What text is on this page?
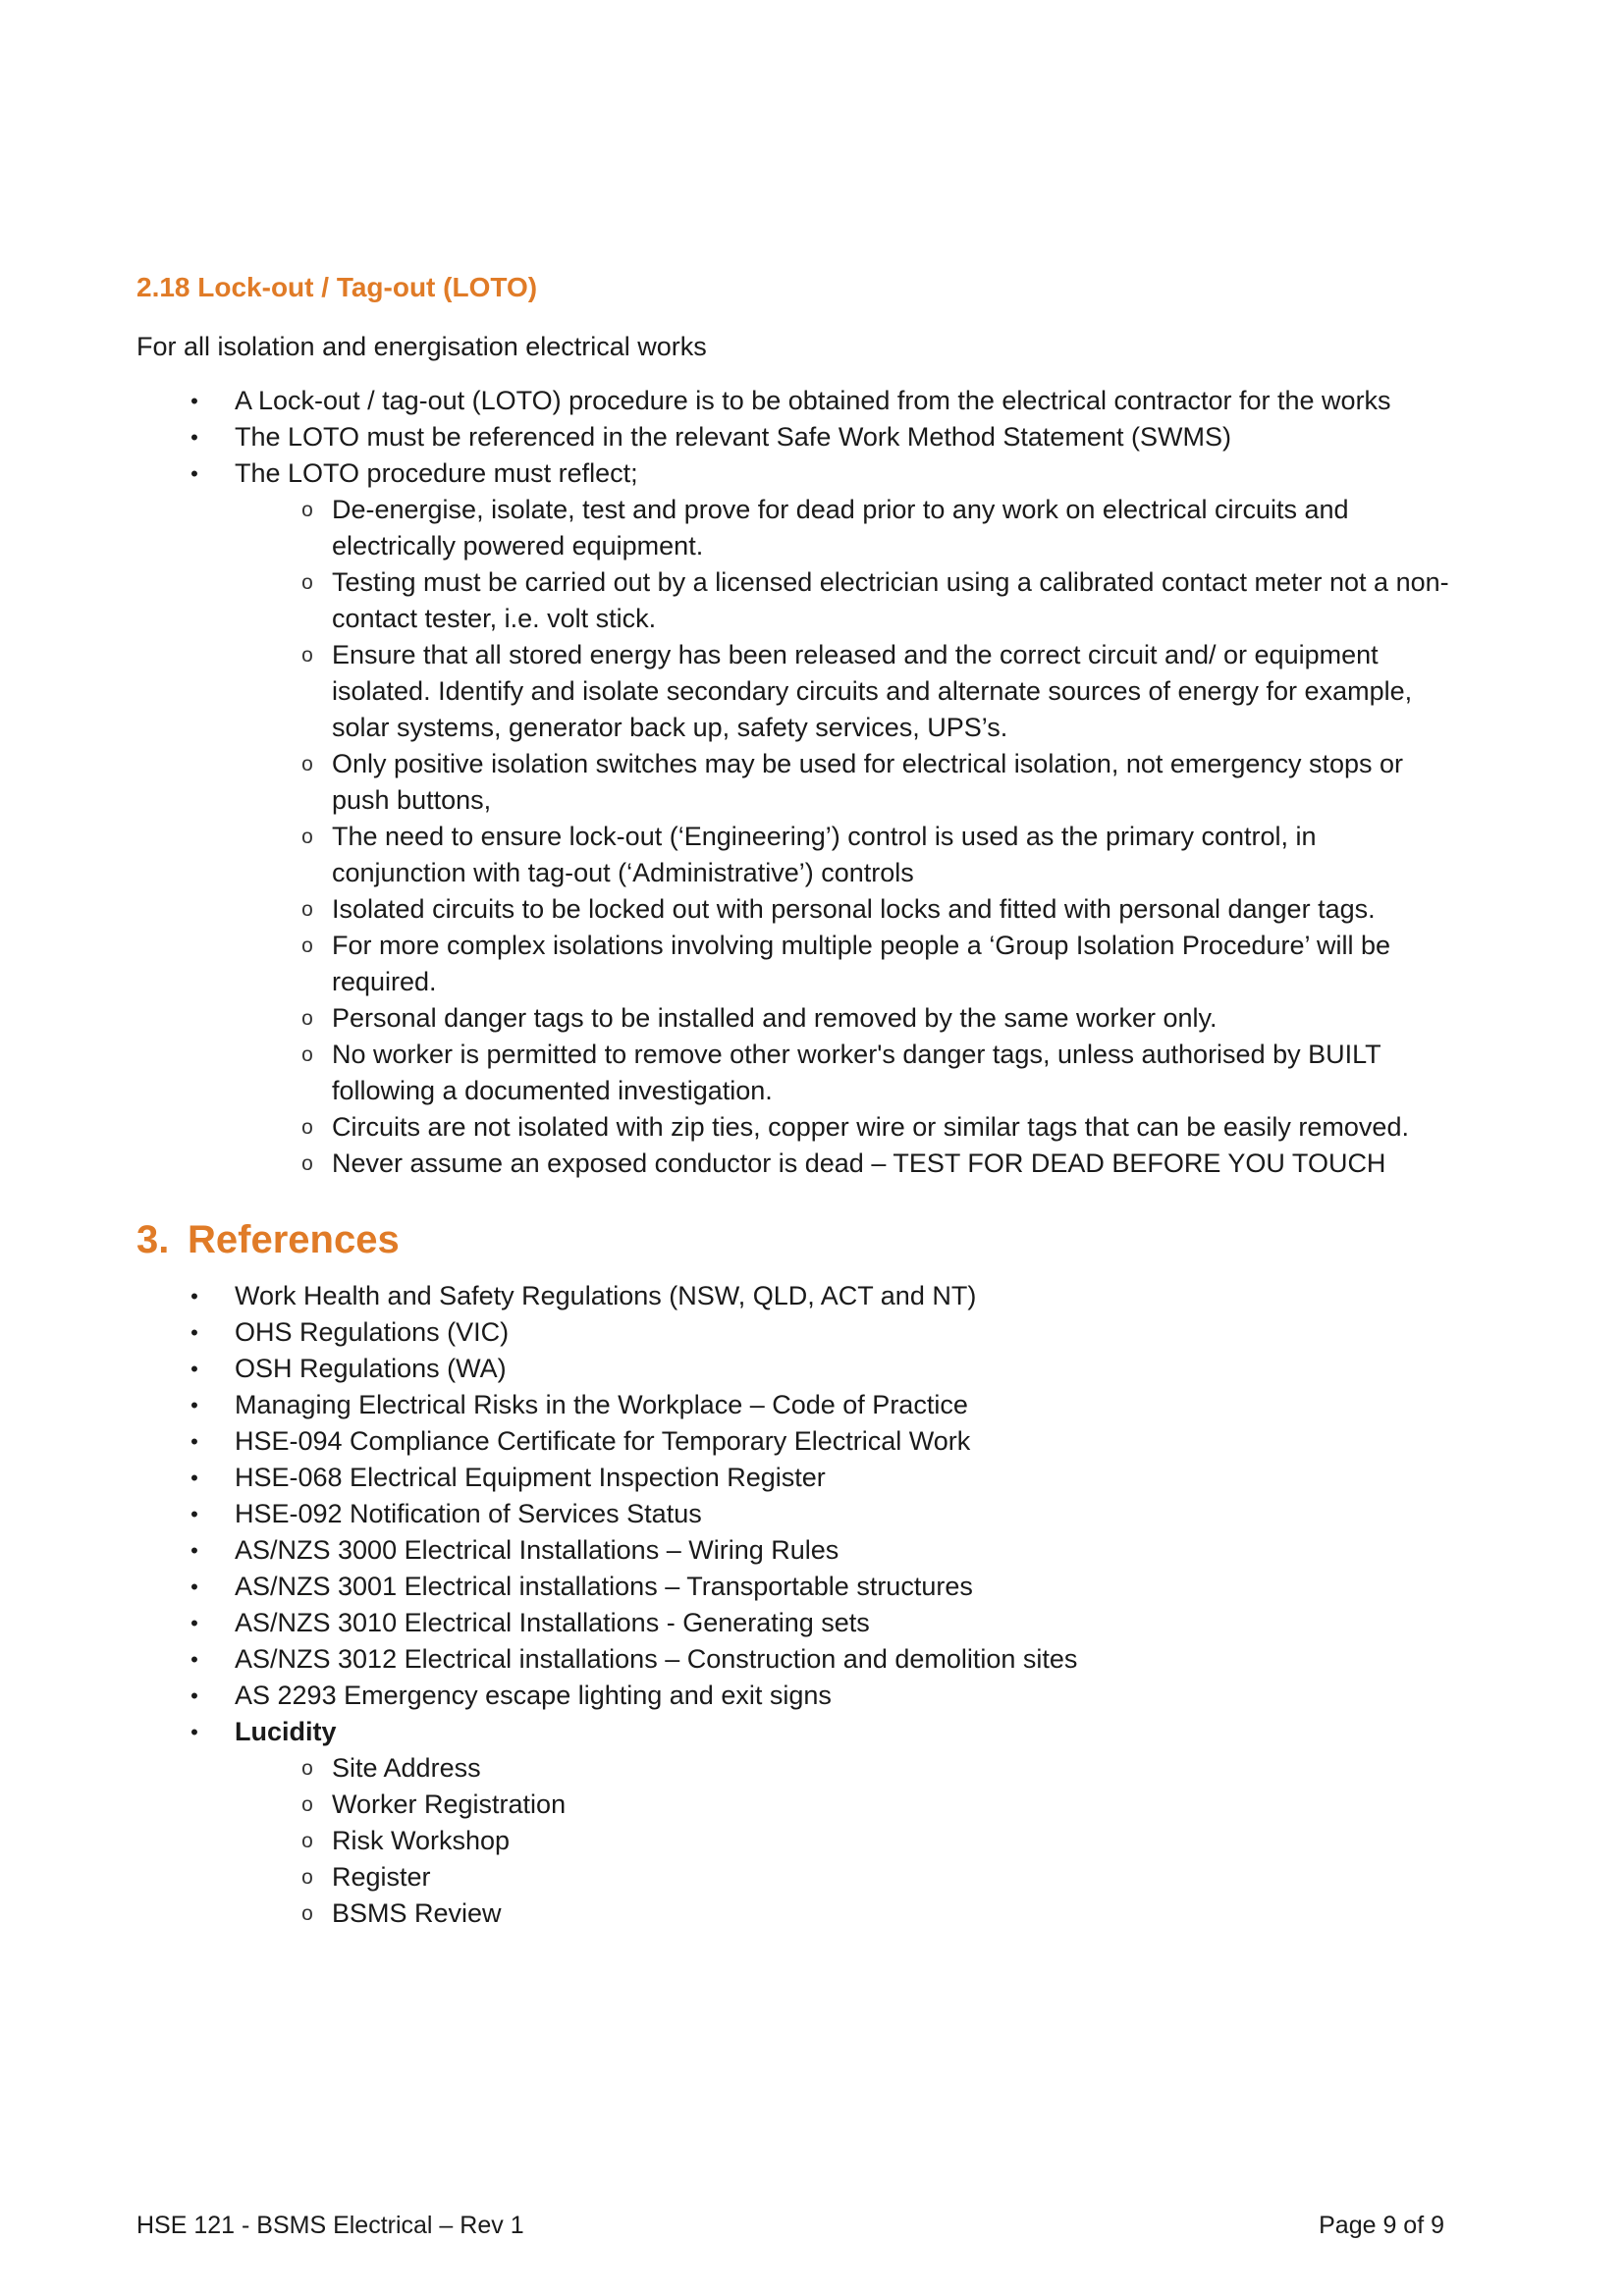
2.18 Lock-out / Tag-out (LOTO)
For all isolation and energisation electrical works
• A Lock-out / tag-out (LOTO) procedure is to be obtained from the electrical contractor for the works
• The LOTO must be referenced in the relevant Safe Work Method Statement (SWMS)
• The LOTO procedure must reflect;
o De-energise, isolate, test and prove for dead prior to any work on electrical circuits and electrically powered equipment.
o Testing must be carried out by a licensed electrician using a calibrated contact meter not a non-contact tester, i.e. volt stick.
o Ensure that all stored energy has been released and the correct circuit and/ or equipment isolated. Identify and isolate secondary circuits and alternate sources of energy for example, solar systems, generator back up, safety services, UPS’s.
o Only positive isolation switches may be used for electrical isolation, not emergency stops or push buttons,
o The need to ensure lock-out (‘Engineering’) control is used as the primary control, in conjunction with tag-out (‘Administrative’) controls
o Isolated circuits to be locked out with personal locks and fitted with personal danger tags.
o For more complex isolations involving multiple people a ‘Group Isolation Procedure’ will be required.
o Personal danger tags to be installed and removed by the same worker only.
o No worker is permitted to remove other worker's danger tags, unless authorised by BUILT following a documented investigation.
o Circuits are not isolated with zip ties, copper wire or similar tags that can be easily removed.
o Never assume an exposed conductor is dead – TEST FOR DEAD BEFORE YOU TOUCH
3. References
• Work Health and Safety Regulations (NSW, QLD, ACT and NT)
• OHS Regulations (VIC)
• OSH Regulations (WA)
• Managing Electrical Risks in the Workplace – Code of Practice
• HSE-094 Compliance Certificate for Temporary Electrical Work
• HSE-068 Electrical Equipment Inspection Register
• HSE-092 Notification of Services Status
• AS/NZS 3000 Electrical Installations – Wiring Rules
• AS/NZS 3001 Electrical installations – Transportable structures
• AS/NZS 3010 Electrical Installations - Generating sets
• AS/NZS 3012 Electrical installations – Construction and demolition sites
• AS 2293 Emergency escape lighting and exit signs
• Lucidity
o Site Address
o Worker Registration
o Risk Workshop
o Register
o BSMS Review
HSE 121 - BSMS Electrical – Rev 1	Page 9 of 9
